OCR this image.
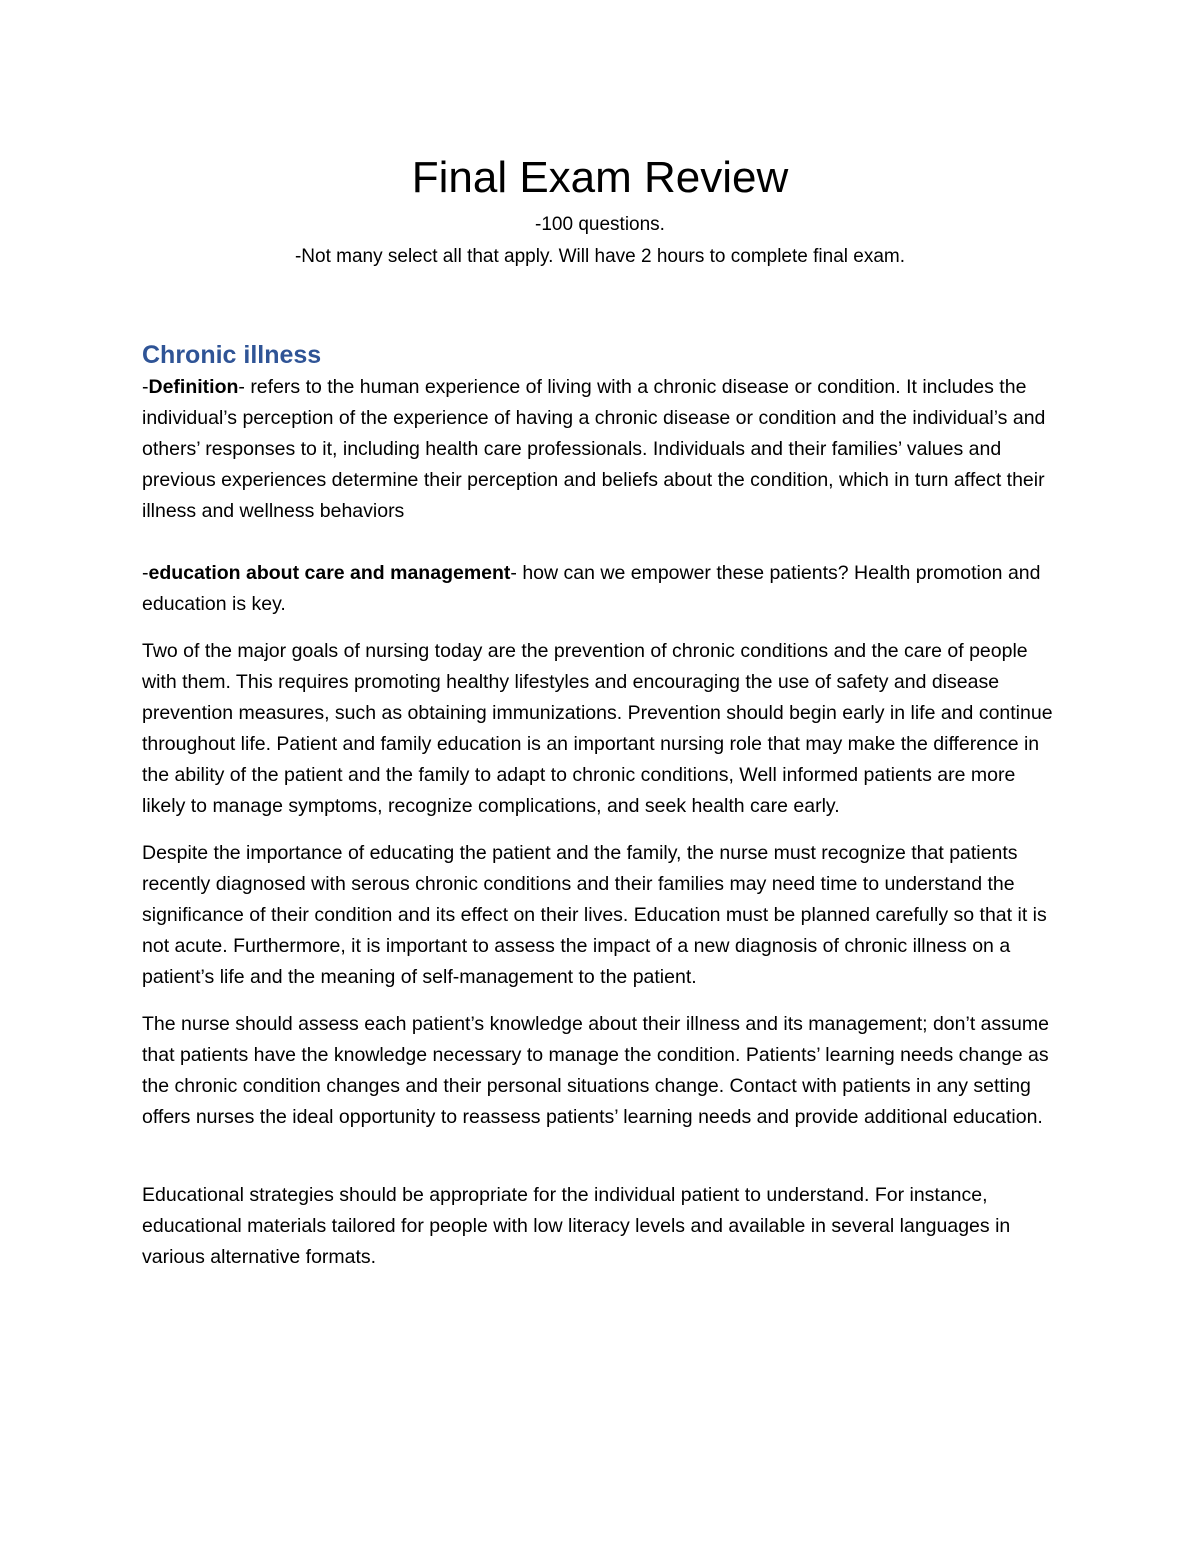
Final Exam Review

-100 questions.

-Not many select all that apply. Will have 2 hours to complete final exam.

Chronic illness

-Definition- refers to the human experience of living with a chronic disease or condition. It includes the individual’s perception of the experience of having a chronic disease or condition and the individual’s and others’ responses to it, including health care professionals. Individuals and their families’ values and previous experiences determine their perception and beliefs about the condition, which in turn affect their illness and wellness behaviors

-education about care and management- how can we empower these patients? Health promotion and education is key.

Two of the major goals of nursing today are the prevention of chronic conditions and the care of people with them. This requires promoting healthy lifestyles and encouraging the use of safety and disease prevention measures, such as obtaining immunizations. Prevention should begin early in life and continue throughout life. Patient and family education is an important nursing role that may make the difference in the ability of the patient and the family to adapt to chronic conditions, Well informed patients are more likely to manage symptoms, recognize complications, and seek health care early.

Despite the importance of educating the patient and the family, the nurse must recognize that patients recently diagnosed with serous chronic conditions and their families may need time to understand the significance of their condition and its effect on their lives. Education must be planned carefully so that it is not acute. Furthermore, it is important to assess the impact of a new diagnosis of chronic illness on a patient’s life and the meaning of self-management to the patient.

The nurse should assess each patient’s knowledge about their illness and its management; don’t assume that patients have the knowledge necessary to manage the condition. Patients’ learning needs change as the chronic condition changes and their personal situations change. Contact with patients in any setting offers nurses the ideal opportunity to reassess patients’ learning needs and provide additional education.

Educational strategies should be appropriate for the individual patient to understand. For instance, educational materials tailored for people with low literacy levels and available in several languages in various alternative formats.
